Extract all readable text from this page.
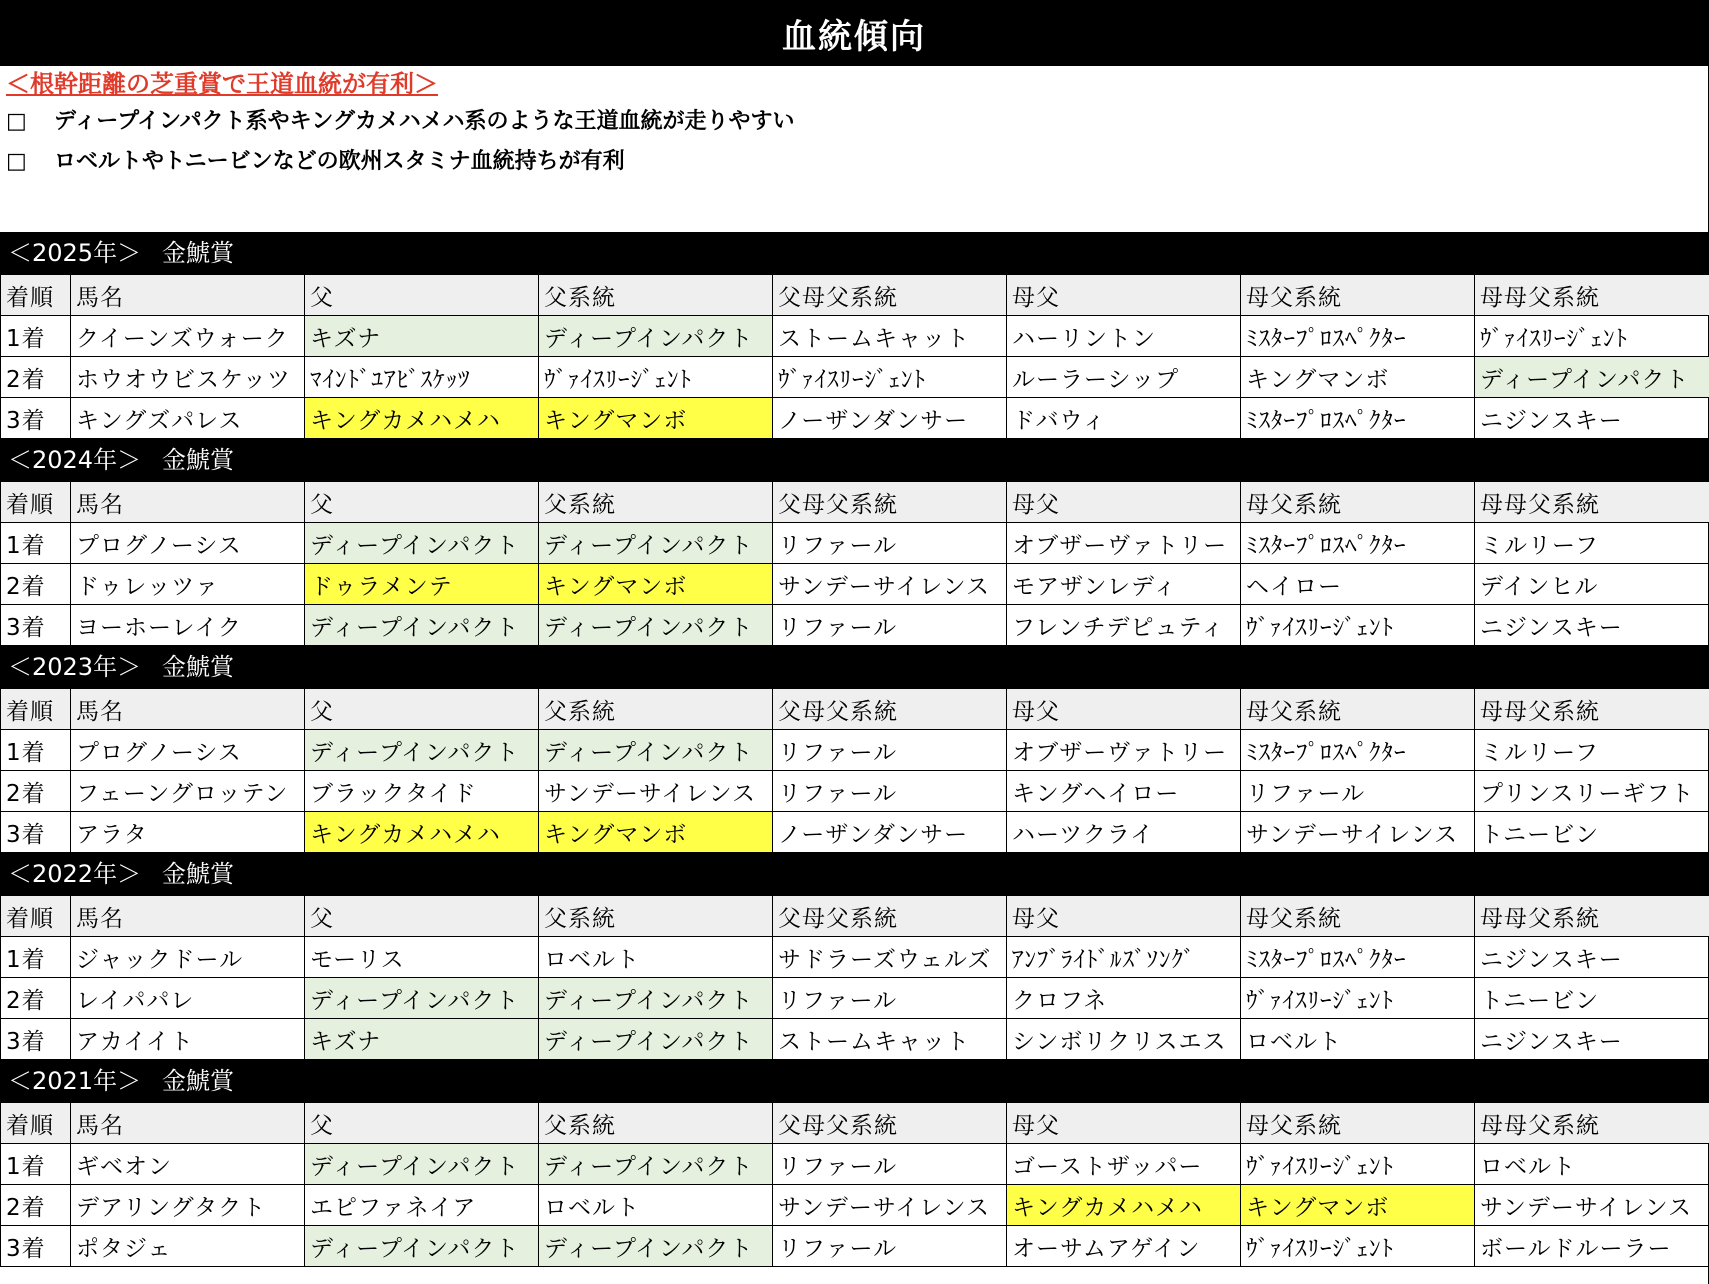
血統傾向
＜根幹距離の芝重賞で王道血統が有利＞
□	ディープインパクト系やキングカメハメハ系のような王道血統が走りやすい
□	ロベルトやトニービンなどの欧州スタミナ血統持ちが有利
＜2025年＞ 金鯱賞
着順	馬名	父	父系統	父母父系統	母父	母父系統	母母父系統
1着	クイーンズウォーク	キズナ	ディープインパクト	ストームキャット	ハーリントン	ﾐｽﾀｰﾌﾟﾛｽﾍﾟｸﾀｰ	ｳﾞｧｲｽﾘｰｼﾞｪﾝﾄ
2着	ホウオウビスケッツ	ﾏｲﾝﾄﾞﾕｱﾋﾞｽｹｯﾂ	ｳﾞｧｲｽﾘｰｼﾞｪﾝﾄ	ｳﾞｧｲｽﾘｰｼﾞｪﾝﾄ	ルーラーシップ	キングマンボ	ディープインパクト
3着	キングズパレス	キングカメハメハ	キングマンボ	ノーザンダンサー	ドバウィ	ﾐｽﾀｰﾌﾟﾛｽﾍﾟｸﾀｰ	ニジンスキー
＜2024年＞ 金鯱賞
着順	馬名	父	父系統	父母父系統	母父	母父系統	母母父系統
1着	プログノーシス	ディープインパクト	ディープインパクト	リファール	オブザーヴァトリー	ﾐｽﾀｰﾌﾟﾛｽﾍﾟｸﾀｰ	ミルリーフ
2着	ドゥレッツァ	ドゥラメンテ	キングマンボ	サンデーサイレンス	モアザンレディ	ヘイロー	デインヒル
3着	ヨーホーレイク	ディープインパクト	ディープインパクト	リファール	フレンチデピュティ	ｳﾞｧｲｽﾘｰｼﾞｪﾝﾄ	ニジンスキー
＜2023年＞ 金鯱賞
着順	馬名	父	父系統	父母父系統	母父	母父系統	母母父系統
1着	プログノーシス	ディープインパクト	ディープインパクト	リファール	オブザーヴァトリー	ﾐｽﾀｰﾌﾟﾛｽﾍﾟｸﾀｰ	ミルリーフ
2着	フェーングロッテン	ブラックタイド	サンデーサイレンス	リファール	キングヘイロー	リファール	プリンスリーギフト
3着	アラタ	キングカメハメハ	キングマンボ	ノーザンダンサー	ハーツクライ	サンデーサイレンス	トニービン
＜2022年＞ 金鯱賞
着順	馬名	父	父系統	父母父系統	母父	母父系統	母母父系統
1着	ジャックドール	モーリス	ロベルト	サドラーズウェルズ	ｱﾝﾌﾞﾗｲﾄﾞﾙｽﾞｿﾝｸﾞ	ﾐｽﾀｰﾌﾟﾛｽﾍﾟｸﾀｰ	ニジンスキー
2着	レイパパレ	ディープインパクト	ディープインパクト	リファール	クロフネ	ｳﾞｧｲｽﾘｰｼﾞｪﾝﾄ	トニービン
3着	アカイイト	キズナ	ディープインパクト	ストームキャット	シンボリクリスエス	ロベルト	ニジンスキー
＜2021年＞ 金鯱賞
着順	馬名	父	父系統	父母父系統	母父	母父系統	母母父系統
1着	ギベオン	ディープインパクト	ディープインパクト	リファール	ゴーストザッパー	ｳﾞｧｲｽﾘｰｼﾞｪﾝﾄ	ロベルト
2着	デアリングタクト	エピファネイア	ロベルト	サンデーサイレンス	キングカメハメハ	キングマンボ	サンデーサイレンス
3着	ポタジェ	ディープインパクト	ディープインパクト	リファール	オーサムアゲイン	ｳﾞｧｲｽﾘｰｼﾞｪﾝﾄ	ボールドルーラー
